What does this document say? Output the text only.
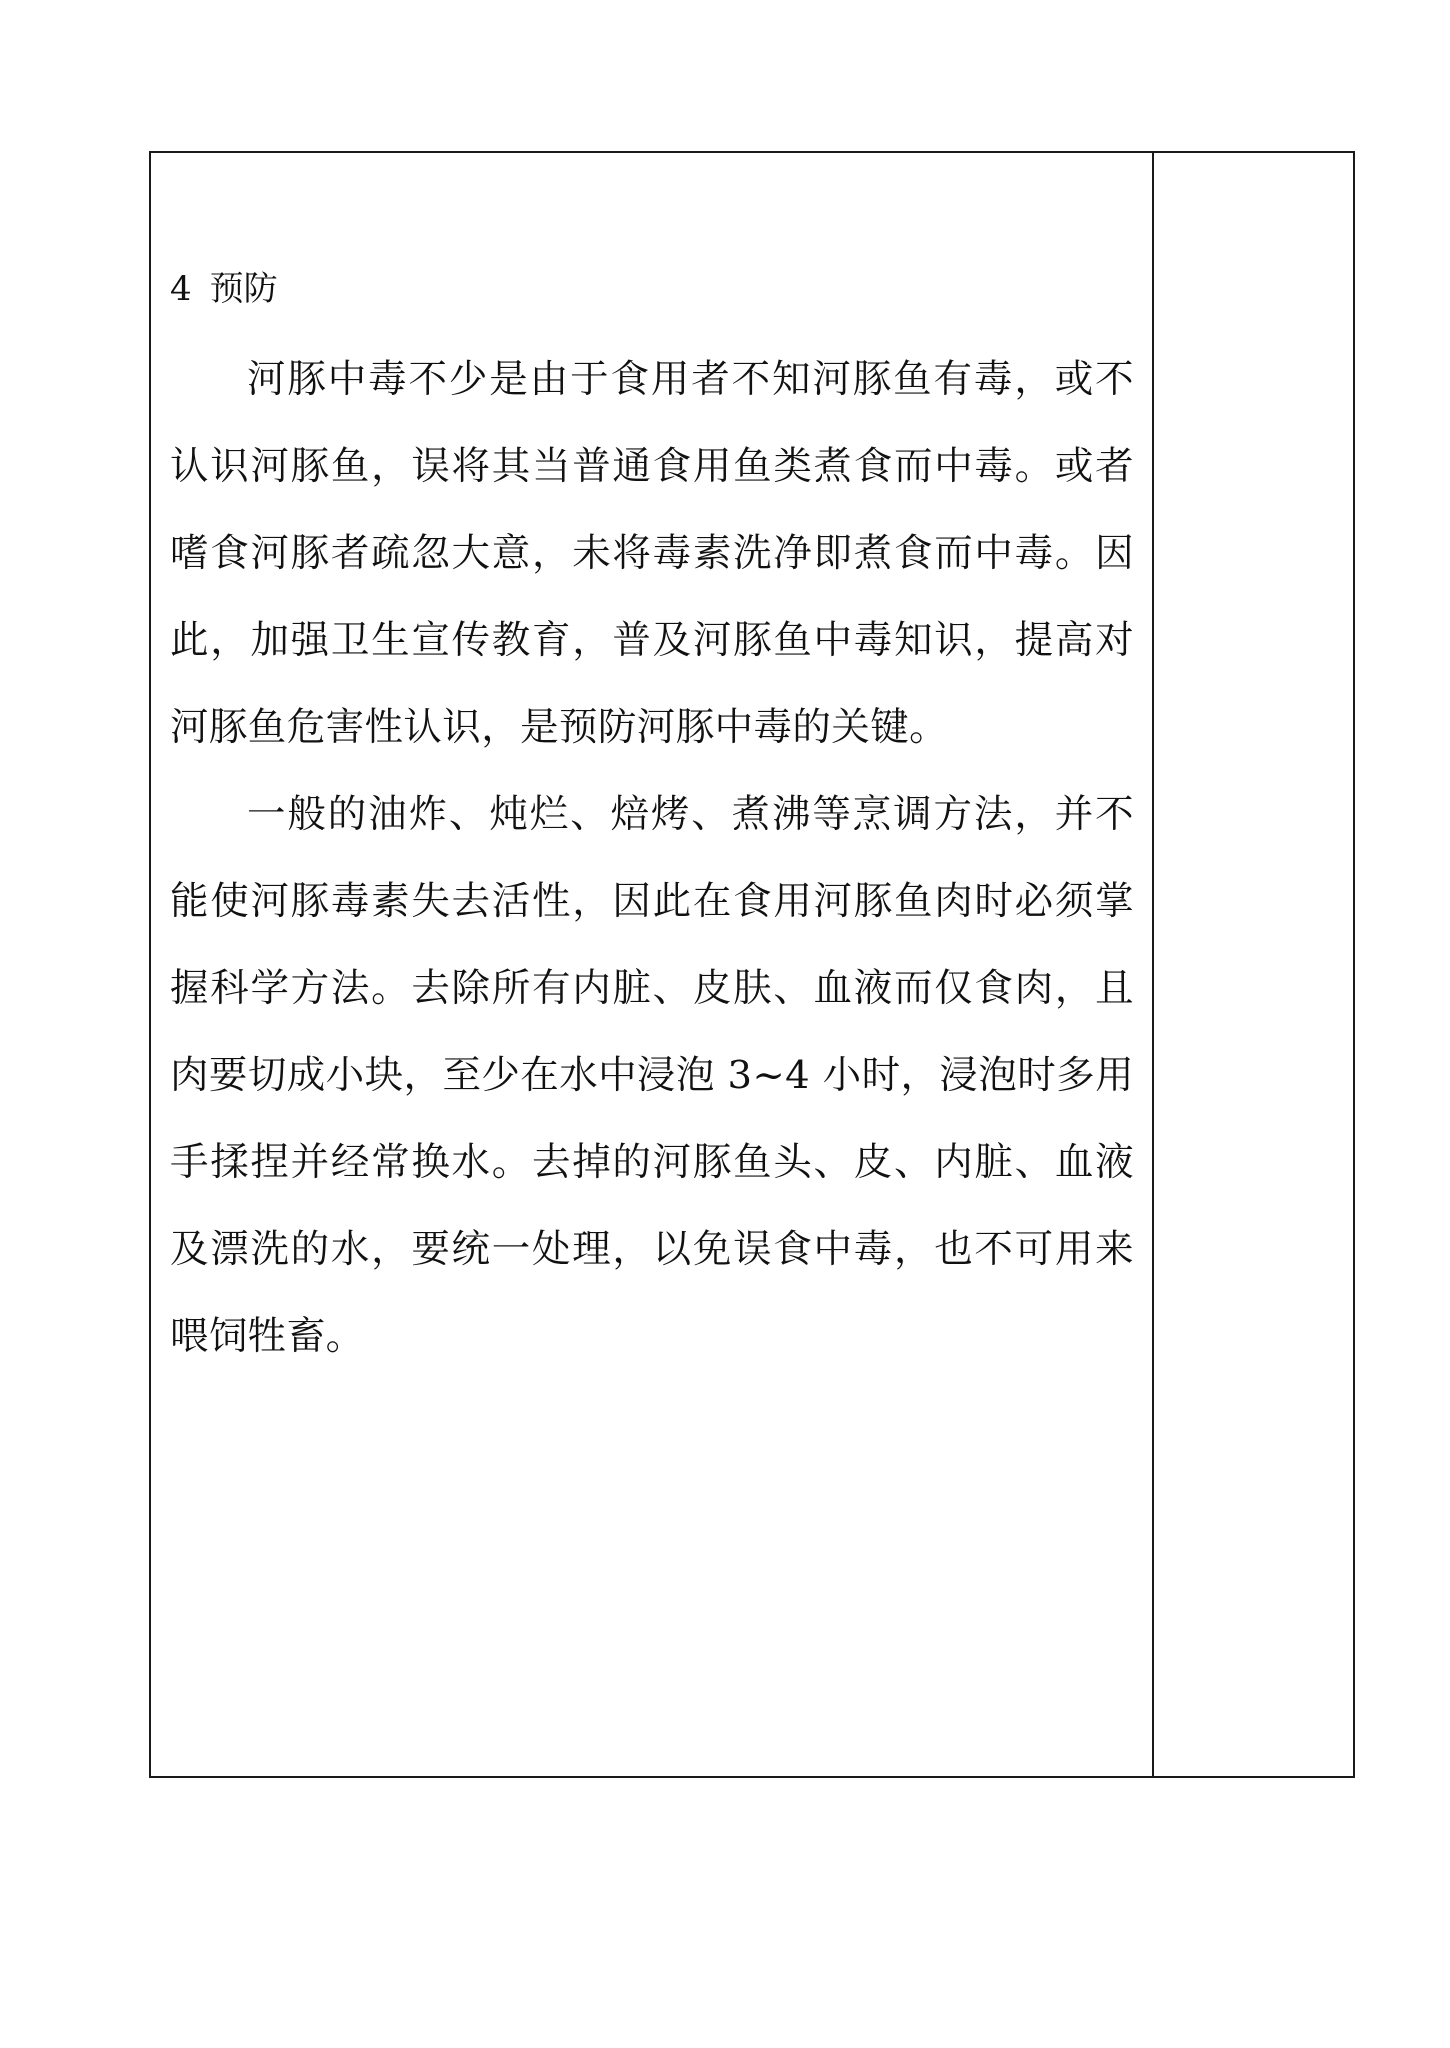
4 预防

河豚中毒不少是由于食用者不知河豚鱼有毒，或不认识河豚鱼，误将其当普通食用鱼类煮食而中毒。或者嗜食河豚者疏忽大意，未将毒素洗净即煮食而中毒。因此，加强卫生宣传教育，普及河豚鱼中毒知识，提高对河豚鱼危害性认识，是预防河豚中毒的关键。

一般的油炸、炖烂、焙烤、煮沸等烹调方法，并不能使河豚毒素失去活性，因此在食用河豚鱼肉时必须掌握科学方法。去除所有内脏、皮肤、血液而仅食肉，且肉要切成小块，至少在水中浸泡 3~4 小时，浸泡时多用手揉捏并经常换水。去掉的河豚鱼头、皮、内脏、血液及漂洗的水，要统一处理，以免误食中毒，也不可用来喂饲牲畜。
